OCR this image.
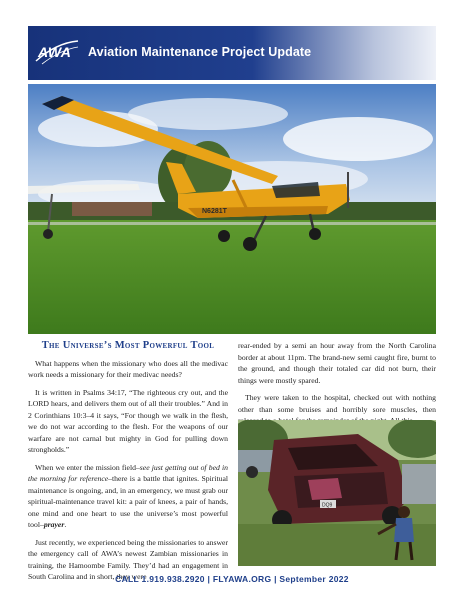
AWA Aviation Maintenance Project Update
N6281T
The Universe’s Most Powerful Tool

What happens when the missionary who does all the medivac work needs a missionary for their medivac needs?

It is written in Psalms 34:17, “The righteous cry out, and the LORD hears, and delivers them out of all their troubles.” And in 2 Corinthians 10:3–4 it says, “For though we walk in the flesh, we do not war according to the flesh. For the weapons of our warfare are not carnal but mighty in God for pulling down strongholds.”

When we enter the mission field–see just getting out of bed in the morning for reference–there is a battle that ignites. Spiritual maintenance is ongoing, and, in an emergency, we must grab our spiritual-maintenance travel kit: a pair of knees, a pair of hands, one mind and one heart to use the universe’s most powerful tool–prayer.

Just recently, we experienced being the missionaries to answer the emergency call of AWA’s newest Zambian missionaries in training, the Hamoombe Family. They’d had an engagement in South Carolina and in short, they were

rear-ended by a semi an hour away from the North Carolina border at about 11pm. The brand-new semi caught fire, burnt to the ground, and though their totaled car did not burn, their things were mostly spared.

They were taken to the hospital, checked out with nothing other than some bruises and horribly sore muscles, then

DQ9
CALL 1.919.938.2920 | FLYAWA.ORG | September 2022
